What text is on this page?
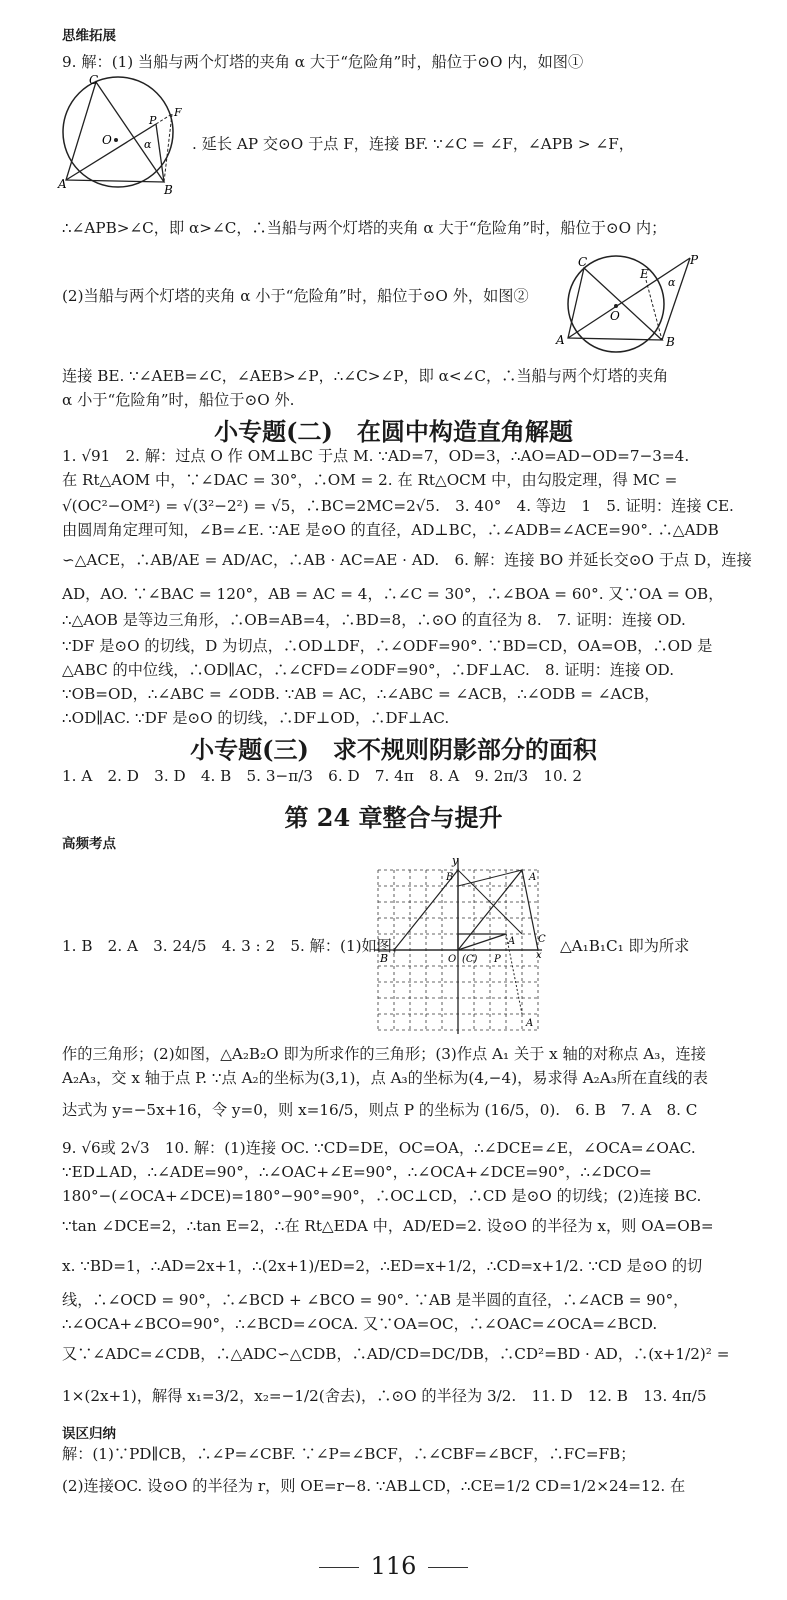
思维拓展
高频考点
误区归纳
9. 解：(1) 当船与两个灯塔的夹角 α 大于“危险角”时，船位于⊙O 内，如图①
C
O
P
F
α
A	B
. 延长 AP 交⊙O 于点 F，连接 BF. ∵∠C = ∠F，∠APB > ∠F，
∴∠APB>∠C，即 α>∠C，∴当船与两个灯塔的夹角 α 大于“危险角”时，船位于⊙O 内；
C
E
P
α
O
A	B
(2)当船与两个灯塔的夹角 α 小于“危险角”时，船位于⊙O 外，如图②
连接 BE. ∵∠AEB=∠C，∠AEB>∠P，∴∠C>∠P，即 α<∠C，∴当船与两个灯塔的夹角
α 小于“危险角”时，船位于⊙O 外.
小专题(二)　在圆中构造直角解题
1. √91　2. 解：过点 O 作 OM⊥BC 于点 M. ∵AD=7，OD=3，∴AO=AD−OD=7−3=4.
在 Rt△AOM 中，∵∠DAC = 30°，∴OM = 2. 在 Rt△OCM 中，由勾股定理，得 MC =
√(OC²−OM²) = √(3²−2²) = √5，∴BC=2MC=2√5.　3. 40°　4. 等边　1　5. 证明：连接 CE.
由圆周角定理可知，∠B=∠E. ∵AE 是⊙O 的直径，AD⊥BC，∴∠ADB=∠ACE=90°. ∴△ADB
∽△ACE，∴AB/AE = AD/AC，∴AB · AC=AE · AD.　6. 解：连接 BO 并延长交⊙O 于点 D，连接
AD，AO. ∵∠BAC = 120°，AB = AC = 4，∴∠C = 30°，∴∠BOA = 60°. 又∵OA = OB，
∴△AOB 是等边三角形，∴OB=AB=4，∴BD=8，∴⊙O 的直径为 8.　7. 证明：连接 OD.
∵DF 是⊙O 的切线，D 为切点，∴OD⊥DF，∴∠ODF=90°. ∵BD=CD，OA=OB，∴OD 是
△ABC 的中位线，∴OD∥AC，∴∠CFD=∠ODF=90°，∴DF⊥AC.　8. 证明：连接 OD.
∵OB=OD，∴∠ABC = ∠ODB. ∵AB = AC，∴∠ABC = ∠ACB，∴∠ODB = ∠ACB，
∴OD∥AC. ∵DF 是⊙O 的切线，∴DF⊥OD，∴DF⊥AC.
小专题(三)　求不规则阴影部分的面积
1. A　2. D　3. D　4. B　5. 3−π/3　6. D　7. 4π　8. A　9. 2π/3　10. 2
第 24 章整合与提升
y
B	A
B	O (C) P
A C
x
A
1. B　2. A　3. 24/5　4. 3 : 2　5. 解：(1)如图，	△A₁B₁C₁ 即为所求
作的三角形；(2)如图，△A₂B₂O 即为所求作的三角形；(3)作点 A₁ 关于 x 轴的对称点 A₃，连接
A₂A₃，交 x 轴于点 P. ∵点 A₂的坐标为(3,1)，点 A₃的坐标为(4,−4)，易求得 A₂A₃所在直线的表
达式为 y=−5x+16，令 y=0，则 x=16/5，则点 P 的坐标为 (16/5，0).　6. B　7. A　8. C
9. √6或 2√3　10. 解：(1)连接 OC. ∵CD=DE，OC=OA，∴∠DCE=∠E，∠OCA=∠OAC.
∵ED⊥AD，∴∠ADE=90°，∴∠OAC+∠E=90°，∴∠OCA+∠DCE=90°，∴∠DCO=
180°−(∠OCA+∠DCE)=180°−90°=90°，∴OC⊥CD，∴CD 是⊙O 的切线；(2)连接 BC.
∵tan ∠DCE=2，∴tan E=2，∴在 Rt△EDA 中，AD/ED=2. 设⊙O 的半径为 x，则 OA=OB=
x. ∵BD=1，∴AD=2x+1，∴(2x+1)/ED=2，∴ED=x+1/2，∴CD=x+1/2. ∵CD 是⊙O 的切
线，∴∠OCD = 90°，∴∠BCD + ∠BCO = 90°. ∵AB 是半圆的直径，∴∠ACB = 90°，
∴∠OCA+∠BCO=90°，∴∠BCD=∠OCA. 又∵OA=OC，∴∠OAC=∠OCA=∠BCD.
又∵∠ADC=∠CDB，∴△ADC∽△CDB，∴AD/CD=DC/DB，∴CD²=BD · AD，∴(x+1/2)² =
1×(2x+1)，解得 x₁=3/2，x₂=−1/2(舍去)，∴⊙O 的半径为 3/2.　11. D　12. B　13. 4π/5
解：(1)∵PD∥CB，∴∠P=∠CBF. ∵∠P=∠BCF，∴∠CBF=∠BCF，∴FC=FB；
(2)连接OC. 设⊙O 的半径为 r，则 OE=r−8. ∵AB⊥CD，∴CE=1/2 CD=1/2×24=12. 在
116
